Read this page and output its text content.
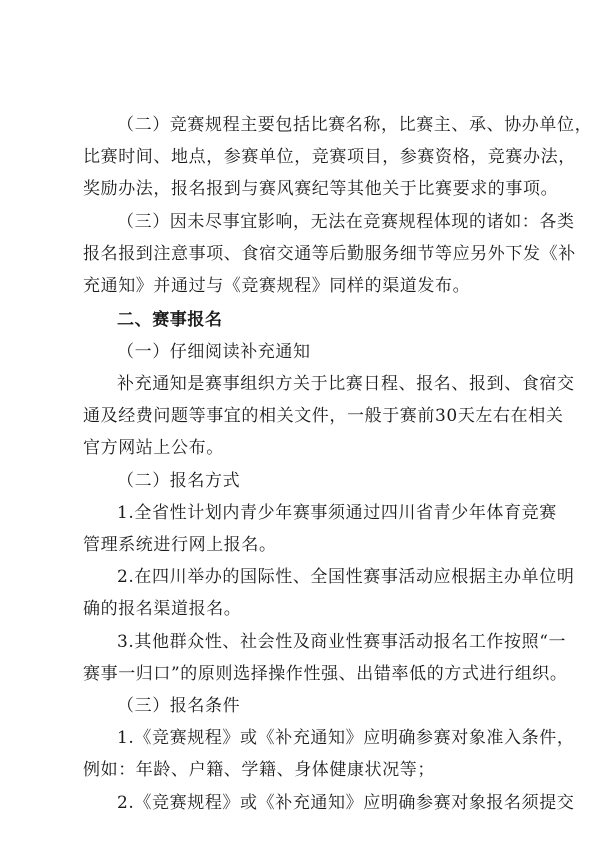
（二）竞赛规程主要包括比赛名称，比赛主、承、协办单位，
比赛时间、地点，参赛单位，竞赛项目，参赛资格，竞赛办法，
奖励办法，报名报到与赛风赛纪等其他关于比赛要求的事项。
（三）因未尽事宜影响，无法在竞赛规程体现的诸如：各类
报名报到注意事项、食宿交通等后勤服务细节等应另外下发《补
充通知》并通过与《竞赛规程》同样的渠道发布。
二、赛事报名
（一）仔细阅读补充通知
补充通知是赛事组织方关于比赛日程、报名、报到、食宿交
通及经费问题等事宜的相关文件，一般于赛前30天左右在相关
官方网站上公布。
（二）报名方式
1.全省性计划内青少年赛事须通过四川省青少年体育竞赛
管理系统进行网上报名。
2.在四川举办的国际性、全国性赛事活动应根据主办单位明
确的报名渠道报名。
3.其他群众性、社会性及商业性赛事活动报名工作按照“一
赛事一归口”的原则选择操作性强、出错率低的方式进行组织。
（三）报名条件
1.《竞赛规程》或《补充通知》应明确参赛对象准入条件，
例如：年龄、户籍、学籍、身体健康状况等；
2.《竞赛规程》或《补充通知》应明确参赛对象报名须提交
